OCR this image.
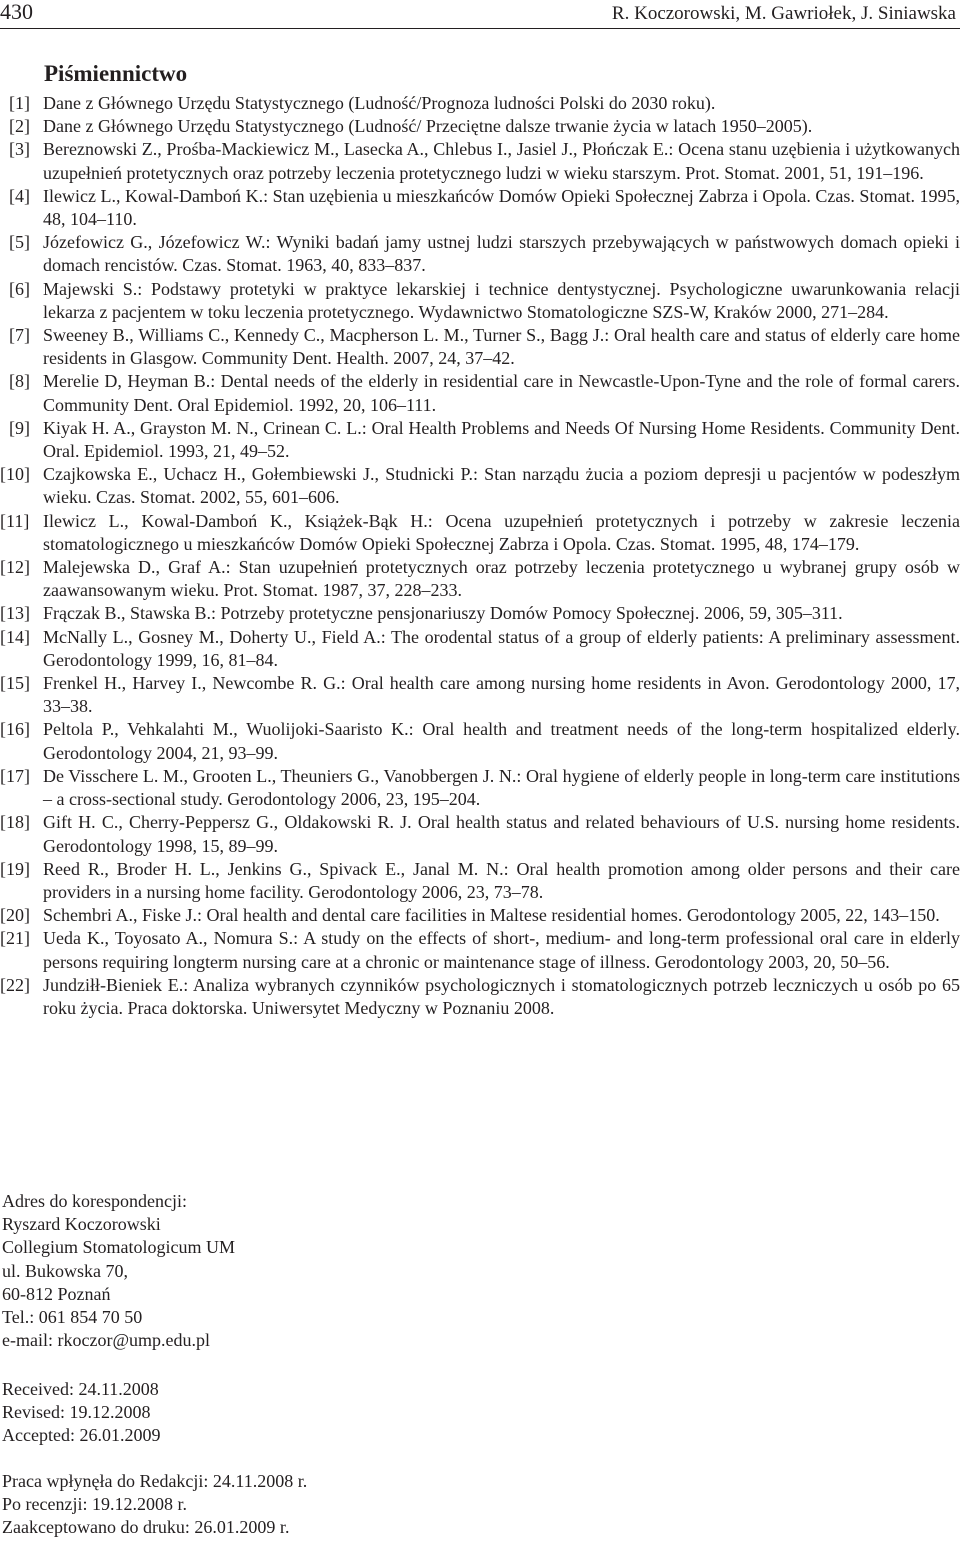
430	R. Koczorowski, M. Gawriołek, J. Siniawska
Piśmiennictwo
[1] Dane z Głównego Urzędu Statystycznego (Ludność/Prognoza ludności Polski do 2030 roku).
[2] Dane z Głównego Urzędu Statystycznego (Ludność/ Przeciętne dalsze trwanie życia w latach 1950–2005).
[3] Bereznowski Z., Prośba-Mackiewicz M., Lasecka A., Chlebus I., Jasiel J., Płończak E.: Ocena stanu uzębienia i użytkowanych uzupełnień protetycznych oraz potrzeby leczenia protetycznego ludzi w wieku starszym. Prot. Stomat. 2001, 51, 191–196.
[4] Ilewicz L., Kowal-Damboń K.: Stan uzębienia u mieszkańców Domów Opieki Społecznej Zabrza i Opola. Czas. Stomat. 1995, 48, 104–110.
[5] Józefowicz G., Józefowicz W.: Wyniki badań jamy ustnej ludzi starszych przebywających w państwowych domach opieki i domach rencistów. Czas. Stomat. 1963, 40, 833–837.
[6] Majewski S.: Podstawy protetyki w praktyce lekarskiej i technice dentystycznej. Psychologiczne uwarunkowania relacji lekarza z pacjentem w toku leczenia protetycznego. Wydawnictwo Stomatologiczne SZS-W, Kraków 2000, 271–284.
[7] Sweeney B., Williams C., Kennedy C., Macpherson L. M., Turner S., Bagg J.: Oral health care and status of elderly care home residents in Glasgow. Community Dent. Health. 2007, 24, 37–42.
[8] Merelie D, Heyman B.: Dental needs of the elderly in residential care in Newcastle-Upon-Tyne and the role of formal carers. Community Dent. Oral Epidemiol. 1992, 20, 106–111.
[9] Kiyak H. A., Grayston M. N., Crinean C. L.: Oral Health Problems and Needs Of Nursing Home Residents. Community Dent. Oral. Epidemiol. 1993, 21, 49–52.
[10] Czajkowska E., Uchacz H., Gołembiewski J., Studnicki P.: Stan narządu żucia a poziom depresji u pacjentów w podeszłym wieku. Czas. Stomat. 2002, 55, 601–606.
[11] Ilewicz L., Kowal-Damboń K., Książek-Bąk H.: Ocena uzupełnień protetycznych i potrzeby w zakresie leczenia stomatologicznego u mieszkańców Domów Opieki Społecznej Zabrza i Opola. Czas. Stomat. 1995, 48, 174–179.
[12] Malejewska D., Graf A.: Stan uzupełnień protetycznych oraz potrzeby leczenia protetycznego u wybranej grupy osób w zaawansowanym wieku. Prot. Stomat. 1987, 37, 228–233.
[13] Frączak B., Stawska B.: Potrzeby protetyczne pensjonariuszy Domów Pomocy Społecznej. 2006, 59, 305–311.
[14] McNally L., Gosney M., Doherty U., Field A.: The orodental status of a group of elderly patients: A preliminary assessment. Gerodontology 1999, 16, 81–84.
[15] Frenkel H., Harvey I., Newcombe R. G.: Oral health care among nursing home residents in Avon. Gerodontology 2000, 17, 33–38.
[16] Peltola P., Vehkalahti M., Wuolijoki-Saaristo K.: Oral health and treatment needs of the long-term hospitalized elderly. Gerodontology 2004, 21, 93–99.
[17] De Visschere L. M., Grooten L., Theuniers G., Vanobbergen J. N.: Oral hygiene of elderly people in long-term care institutions – a cross-sectional study. Gerodontology 2006, 23, 195–204.
[18] Gift H. C., Cherry-Peppersz G., Oldakowski R. J. Oral health status and related behaviours of U.S. nursing home residents. Gerodontology 1998, 15, 89–99.
[19] Reed R., Broder H. L., Jenkins G., Spivack E., Janal M. N.: Oral health promotion among older persons and their care providers in a nursing home facility. Gerodontology 2006, 23, 73–78.
[20] Schembri A., Fiske J.: Oral health and dental care facilities in Maltese residential homes. Gerodontology 2005, 22, 143–150.
[21] Ueda K., Toyosato A., Nomura S.: A study on the effects of short-, medium- and long-term professional oral care in elderly persons requiring longterm nursing care at a chronic or maintenance stage of illness. Gerodontology 2003, 20, 50–56.
[22] Jundziłł-Bieniek E.: Analiza wybranych czynników psychologicznych i stomatologicznych potrzeb leczniczych u osób po 65 roku życia. Praca doktorska. Uniwersytet Medyczny w Poznaniu 2008.
Adres do korespondencji:
Ryszard Koczorowski
Collegium Stomatologicum UM
ul. Bukowska 70,
60-812 Poznań
Tel.: 061 854 70 50
e-mail: rkoczor@ump.edu.pl
Received: 24.11.2008
Revised: 19.12.2008
Accepted: 26.01.2009
Praca wpłynęła do Redakcji: 24.11.2008 r.
Po recenzji: 19.12.2008 r.
Zaakceptowano do druku: 26.01.2009 r.
